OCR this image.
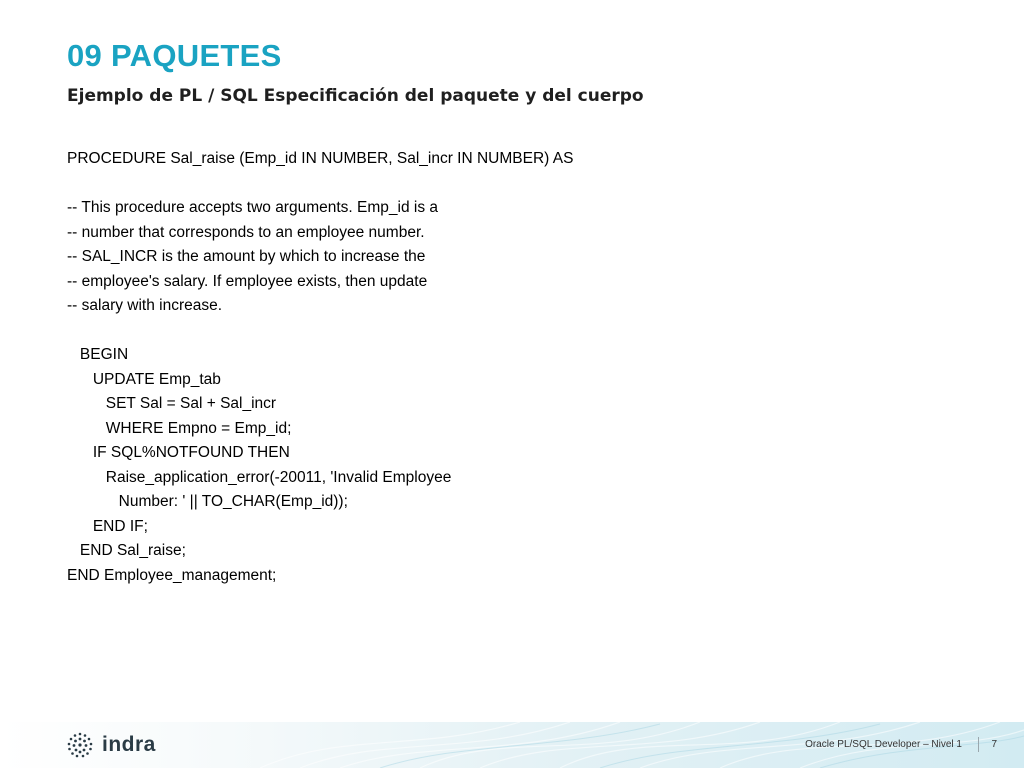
09 PAQUETES
Ejemplo de PL / SQL Especificación del paquete y del cuerpo
PROCEDURE Sal_raise (Emp_id IN NUMBER, Sal_incr IN NUMBER) AS
-- This procedure accepts two arguments. Emp_id is a
-- number that corresponds to an employee number.
-- SAL_INCR is the amount by which to increase the
-- employee's salary. If employee exists, then update
-- salary with increase.
BEGIN
UPDATE Emp_tab
SET Sal = Sal + Sal_incr
WHERE Empno = Emp_id;
IF SQL%NOTFOUND THEN
Raise_application_error(-20011, 'Invalid Employee
Number: ' || TO_CHAR(Emp_id));
END IF;
END Sal_raise;
END Employee_management;
indra	Oracle PL/SQL Developer – Nivel 1	7
